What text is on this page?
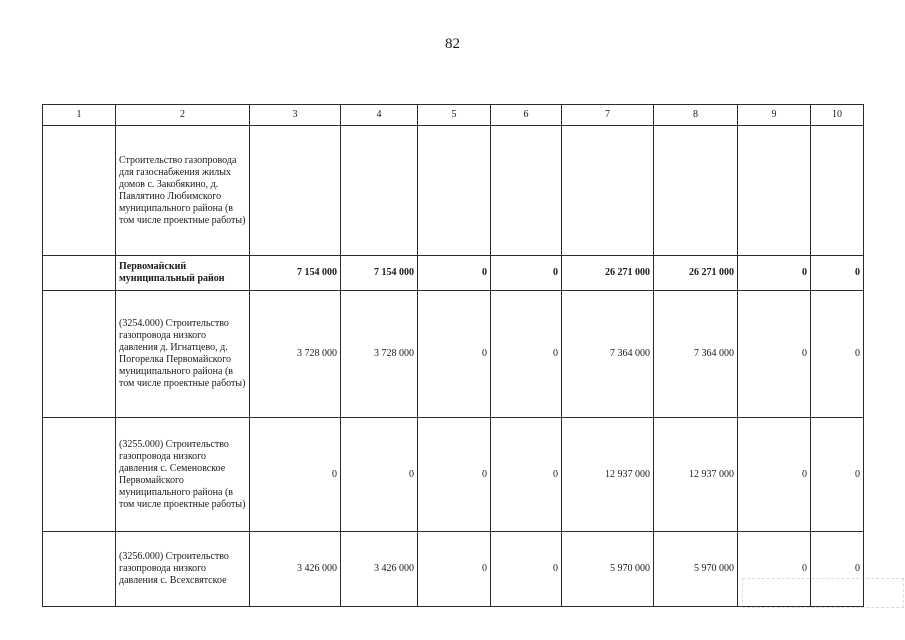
82
1	2	3	4	5	6	7	8	9	10
	Строительство газопровода для газоснабжения жилых домов с. Закобякино, д. Павлятино Любимского муниципального района (в том числе проектные работы)								
	Первомайский муниципальный район	7 154 000	7 154 000	0	0	26 271 000	26 271 000	0	0
	(3254.000) Строительство газопровода низкого давления д. Игнатцево, д. Погорелка Первомайского муниципального района (в том числе проектные работы)	3 728 000	3 728 000	0	0	7 364 000	7 364 000	0	0
	(3255.000) Строительство газопровода низкого давления с. Семеновское Первомайского муниципального района (в том числе проектные работы)	0	0	0	0	12 937 000	12 937 000	0	0
	(3256.000) Строительство газопровода низкого давления с. Всехсвятское	3 426 000	3 426 000	0	0	5 970 000	5 970 000	0	0
